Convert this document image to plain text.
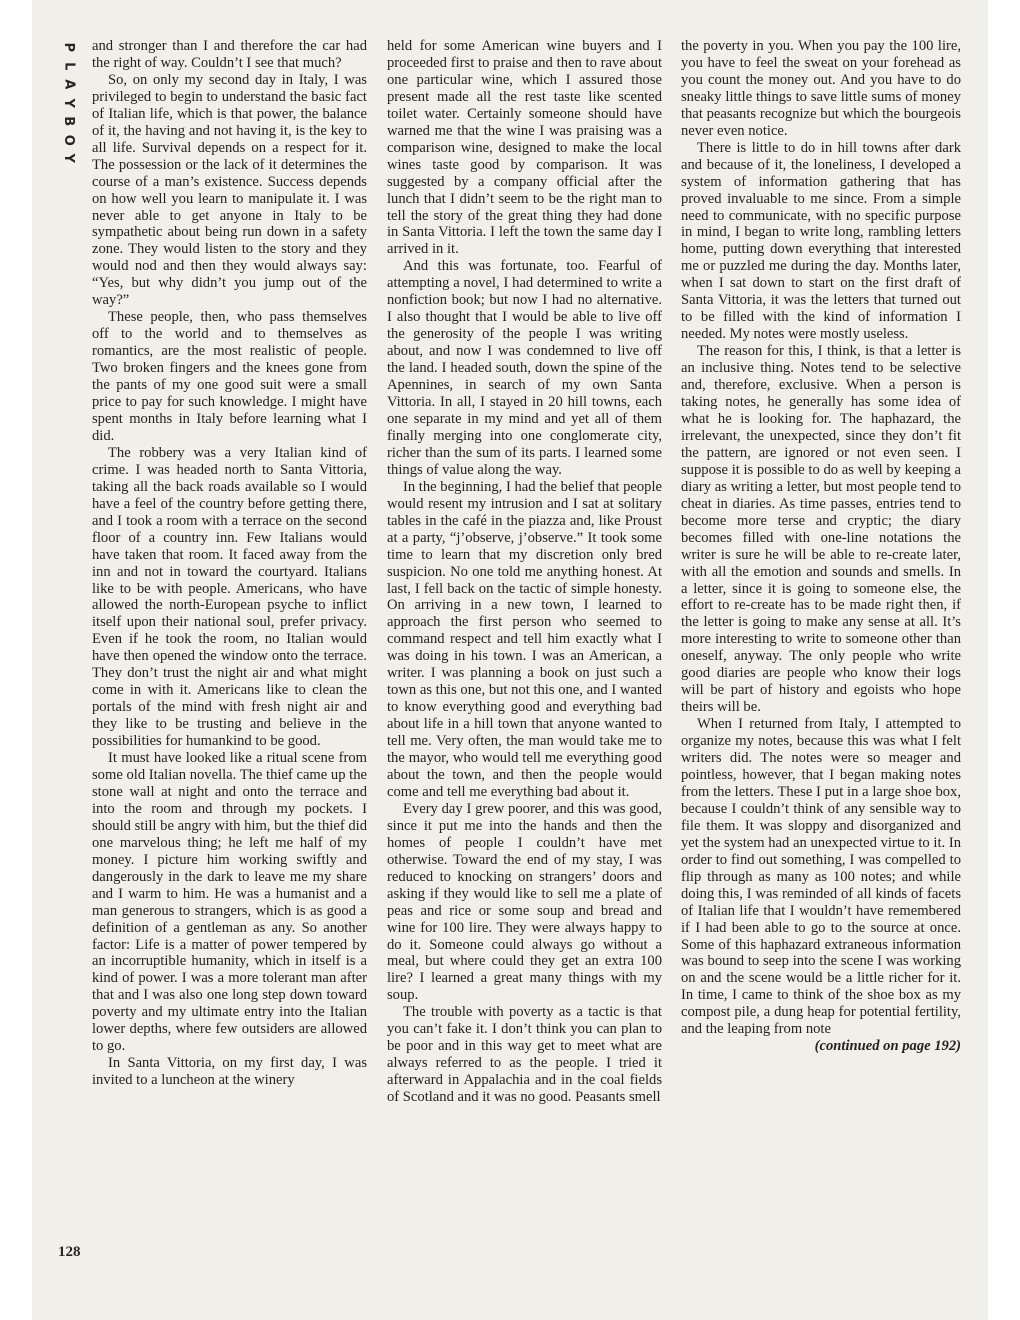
P
L
A
Y
B
O
Y
128

and stronger than I and therefore the car had the right of way. Couldn’t I see that much?

So, on only my second day in Italy, I was privileged to begin to understand the basic fact of Italian life, which is that power, the balance of it, the having and not having it, is the key to all life. Survival depends on a respect for it. The possession or the lack of it determines the course of a man’s existence. Success depends on how well you learn to manipulate it. I was never able to get anyone in Italy to be sympathetic about being run down in a safety zone. They would listen to the story and they would nod and then they would always say: “Yes, but why didn’t you jump out of the way?”

These people, then, who pass themselves off to the world and to themselves as romantics, are the most realistic of people. Two broken fingers and the knees gone from the pants of my one good suit were a small price to pay for such knowledge. I might have spent months in Italy before learning what I did.

The robbery was a very Italian kind of crime. I was headed north to Santa Vittoria, taking all the back roads available so I would have a feel of the country before getting there, and I took a room with a terrace on the second floor of a country inn. Few Italians would have taken that room. It faced away from the inn and not in toward the courtyard. Italians like to be with people. Americans, who have allowed the north-European psyche to inflict itself upon their national soul, prefer privacy. Even if he took the room, no Italian would have then opened the window onto the terrace. They don’t trust the night air and what might come in with it. Americans like to clean the portals of the mind with fresh night air and they like to be trusting and believe in the possibilities for humankind to be good.

It must have looked like a ritual scene from some old Italian novella. The thief came up the stone wall at night and onto the terrace and into the room and through my pockets. I should still be angry with him, but the thief did one marvelous thing; he left me half of my money. I picture him working swiftly and dangerously in the dark to leave me my share and I warm to him. He was a humanist and a man generous to strangers, which is as good a definition of a gentleman as any. So another factor: Life is a matter of power tempered by an incorruptible humanity, which in itself is a kind of power. I was a more tolerant man after that and I was also one long step down toward poverty and my ultimate entry into the Italian lower depths, where few outsiders are allowed to go.

In Santa Vittoria, on my first day, I was invited to a luncheon at the winery

held for some American wine buyers and I proceeded first to praise and then to rave about one particular wine, which I assured those present made all the rest taste like scented toilet water. Certainly someone should have warned me that the wine I was praising was a comparison wine, designed to make the local wines taste good by comparison. It was suggested by a company official after the lunch that I didn’t seem to be the right man to tell the story of the great thing they had done in Santa Vittoria. I left the town the same day I arrived in it.

And this was fortunate, too. Fearful of attempting a novel, I had determined to write a nonfiction book; but now I had no alternative. I also thought that I would be able to live off the generosity of the people I was writing about, and now I was condemned to live off the land. I headed south, down the spine of the Apennines, in search of my own Santa Vittoria. In all, I stayed in 20 hill towns, each one separate in my mind and yet all of them finally merging into one conglomerate city, richer than the sum of its parts. I learned some things of value along the way.

In the beginning, I had the belief that people would resent my intrusion and I sat at solitary tables in the café in the piazza and, like Proust at a party, “j’observe, j’observe.” It took some time to learn that my discretion only bred suspicion. No one told me anything honest. At last, I fell back on the tactic of simple honesty. On arriving in a new town, I learned to approach the first person who seemed to command respect and tell him exactly what I was doing in his town. I was an American, a writer. I was planning a book on just such a town as this one, but not this one, and I wanted to know everything good and everything bad about life in a hill town that anyone wanted to tell me. Very often, the man would take me to the mayor, who would tell me everything good about the town, and then the people would come and tell me everything bad about it.

Every day I grew poorer, and this was good, since it put me into the hands and then the homes of people I couldn’t have met otherwise. Toward the end of my stay, I was reduced to knocking on strangers’ doors and asking if they would like to sell me a plate of peas and rice or some soup and bread and wine for 100 lire. They were always happy to do it. Someone could always go without a meal, but where could they get an extra 100 lire? I learned a great many things with my soup.

The trouble with poverty as a tactic is that you can’t fake it. I don’t think you can plan to be poor and in this way get to meet what are always referred to as the people. I tried it afterward in Appalachia and in the coal fields of Scotland and it was no good. Peasants smell

the poverty in you. When you pay the 100 lire, you have to feel the sweat on your forehead as you count the money out. And you have to do sneaky little things to save little sums of money that peasants recognize but which the bourgeois never even notice.

There is little to do in hill towns after dark and because of it, the loneliness, I developed a system of information gathering that has proved invaluable to me since. From a simple need to communicate, with no specific purpose in mind, I began to write long, rambling letters home, putting down everything that interested me or puzzled me during the day. Months later, when I sat down to start on the first draft of Santa Vittoria, it was the letters that turned out to be filled with the kind of information I needed. My notes were mostly useless.

The reason for this, I think, is that a letter is an inclusive thing. Notes tend to be selective and, therefore, exclusive. When a person is taking notes, he generally has some idea of what he is looking for. The haphazard, the irrelevant, the unexpected, since they don’t fit the pattern, are ignored or not even seen. I suppose it is possible to do as well by keeping a diary as writing a letter, but most people tend to cheat in diaries. As time passes, entries tend to become more terse and cryptic; the diary becomes filled with one-line notations the writer is sure he will be able to re-create later, with all the emotion and sounds and smells. In a letter, since it is going to someone else, the effort to re-create has to be made right then, if the letter is going to make any sense at all. It’s more interesting to write to someone other than oneself, anyway. The only people who write good diaries are people who know their logs will be part of history and egoists who hope theirs will be.

When I returned from Italy, I attempted to organize my notes, because this was what I felt writers did. The notes were so meager and pointless, however, that I began making notes from the letters. These I put in a large shoe box, because I couldn’t think of any sensible way to file them. It was sloppy and disorganized and yet the system had an unexpected virtue to it. In order to find out something, I was compelled to flip through as many as 100 notes; and while doing this, I was reminded of all kinds of facets of Italian life that I wouldn’t have remembered if I had been able to go to the source at once. Some of this haphazard extraneous information was bound to seep into the scene I was working on and the scene would be a little richer for it. In time, I came to think of the shoe box as my compost pile, a dung heap for potential fertility, and the leaping from note

(continued on page 192)
